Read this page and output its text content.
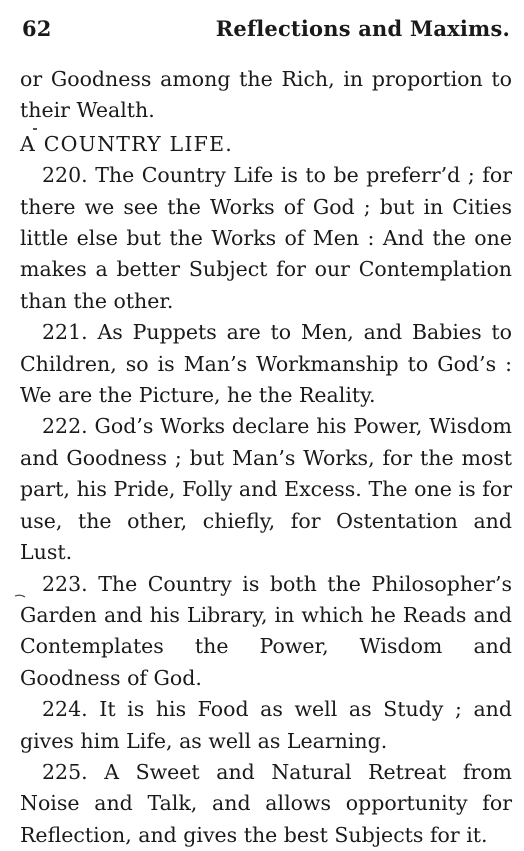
62	Reflections and Maxims.

or Goodness among the Rich, in proportion to their Wealth.

A COUNTRY LIFE.

220. The Country Life is to be preferr’d ; for there we see the Works of God ; but in Cities little else but the Works of Men : And the one makes a better Subject for our Contemplation than the other.

221. As Puppets are to Men, and Babies to Children, so is Man’s Workmanship to God’s : We are the Picture, he the Reality.

222. God’s Works declare his Power, Wisdom and Goodness ; but Man’s Works, for the most part, his Pride, Folly and Excess. The one is for use, the other, chiefly, for Ostentation and Lust.

223. The Country is both the Philosopher’s Garden and his Library, in which he Reads and Contemplates the Power, Wisdom and Goodness of God.

224. It is his Food as well as Study ; and gives him Life, as well as Learning.

225. A Sweet and Natural Retreat from Noise and Talk, and allows opportunity for Reflection, and gives the best Subjects for it.
